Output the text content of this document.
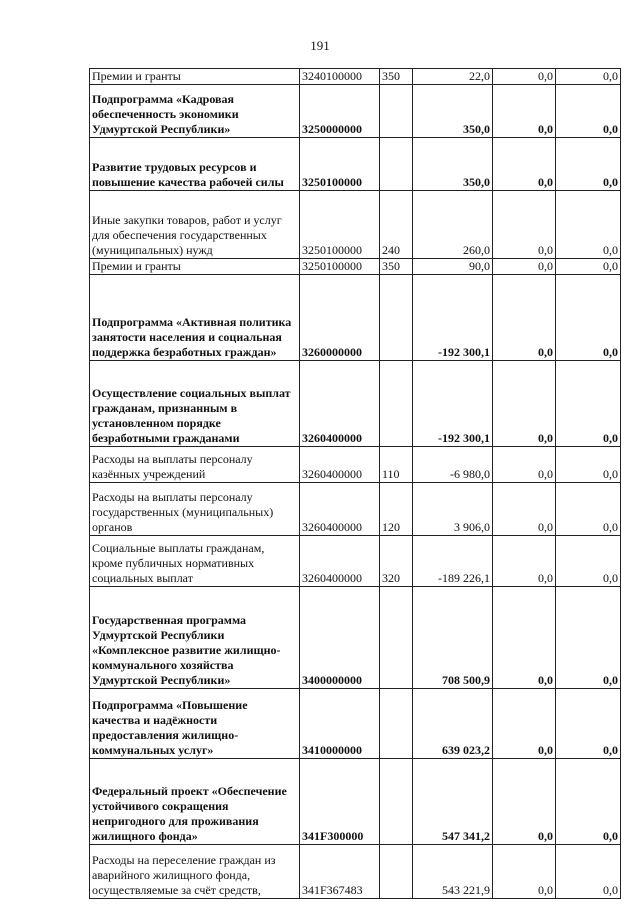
191
Премии и гранты	3240100000	350	22,0	0,0	0,0
Подпрограмма «Кадровая обеспеченность экономики Удмуртской Республики»	3250000000		350,0	0,0	0,0
Развитие трудовых ресурсов и повышение качества рабочей силы	3250100000		350,0	0,0	0,0
Иные закупки товаров, работ и услуг для обеспечения государственных (муниципальных) нужд	3250100000	240	260,0	0,0	0,0
Премии и гранты	3250100000	350	90,0	0,0	0,0
Подпрограмма «Активная политика занятости населения и социальная поддержка безработных граждан»	3260000000		-192 300,1	0,0	0,0
Осуществление социальных выплат гражданам, признанным в установленном порядке безработными гражданами	3260400000		-192 300,1	0,0	0,0
Расходы на выплаты персоналу казённых учреждений	3260400000	110	-6 980,0	0,0	0,0
Расходы на выплаты персоналу государственных (муниципальных) органов	3260400000	120	3 906,0	0,0	0,0
Социальные выплаты гражданам, кроме публичных нормативных социальных выплат	3260400000	320	-189 226,1	0,0	0,0
Государственная программа Удмуртской Республики «Комплексное развитие жилищно-коммунального хозяйства Удмуртской Республики»	3400000000		708 500,9	0,0	0,0
Подпрограмма «Повышение качества и надёжности предоставления жилищно-коммунальных услуг»	3410000000		639 023,2	0,0	0,0
Федеральный проект «Обеспечение устойчивого сокращения непригодного для проживания жилищного фонда»	341F300000		547 341,2	0,0	0,0
Расходы на переселение граждан из аварийного жилищного фонда, осуществляемые за счёт средств,	341F367483		543 221,9	0,0	0,0
